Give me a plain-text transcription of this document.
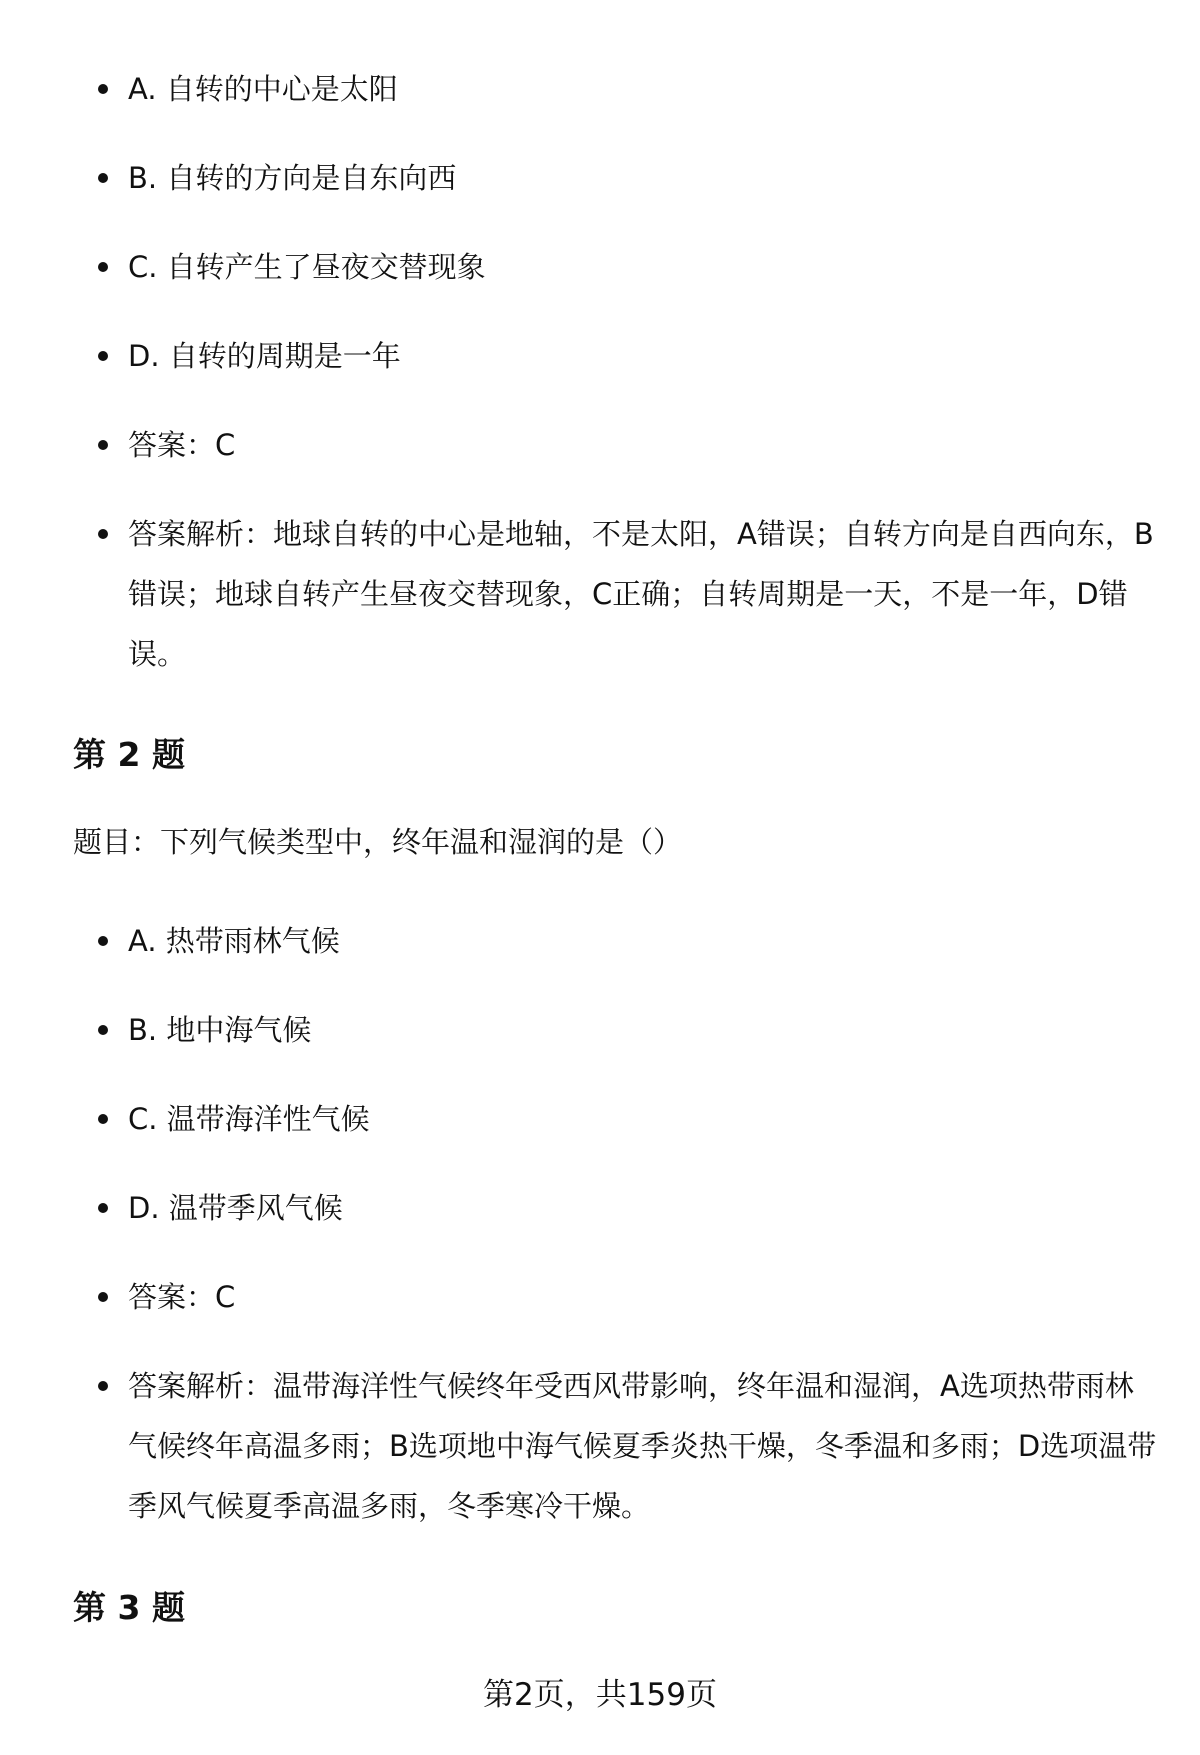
A. 自转的中心是太阳
B. 自转的方向是自东向西
C. 自转产生了昼夜交替现象
D. 自转的周期是一年
答案：C
答案解析：地球自转的中心是地轴，不是太阳，A错误；自转方向是自西向东，B错误；地球自转产生昼夜交替现象，C正确；自转周期是一天，不是一年，D错误。
第 2 题

题目：下列气候类型中，终年温和湿润的是（）

A. 热带雨林气候
B. 地中海气候
C. 温带海洋性气候
D. 温带季风气候
答案：C
答案解析：温带海洋性气候终年受西风带影响，终年温和湿润，A选项热带雨林气候终年高温多雨；B选项地中海气候夏季炎热干燥，冬季温和多雨；D选项温带季风气候夏季高温多雨，冬季寒冷干燥。
第 3 题
第2页，共159页
